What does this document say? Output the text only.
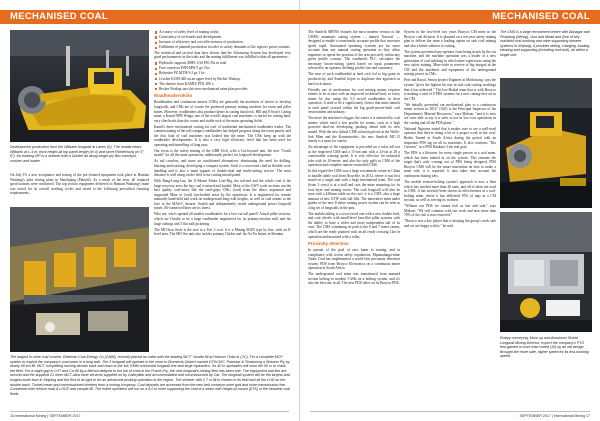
MECHANISED COAL
Development production from the Witbank longwall at Lanes (S). The mobile nears Witbank at L-4 m, thick height-all top panel length (in 4) and since Richterburg (or 5°, 8°). An existing ZIP is a shearer with a Grinkel alt along single-ply Bro-conveyor, crusher and loader.

On July 19, a new acceptance and testing of the pre-cleaned equipment took place at Hantian Wanfang's pilot testing plant in Yanzhijang (Pakaoli). As a result of the tests, all required specifications were confirmed. The top section equipment delivered to Hantian Wanfang's mine was tested for its overall working cycles and tested to the following prescribed fixturing requirements.

Accuracy of safety level of mining works
Consistency of on-boards and development
Increase of efficiency and cost effectiveness of production
Fulfilment of planned production in order to satisfy demands of the region's power stations.

The statistical and tactical data have shown that the Advancing System has developed very good performances in the trials and the mining fulfillment was fulfilled within all parameters:

Hydraulic supports MHS-1/3d PSC-Bx in total
Face conveyor PZH-MW-5 gx 3 kv
Beltsetter PZ-MTH-5-2 gx 1 kv
Crusher KOM-440 on an upper level by Becker Warkop.
The shearer from KAMIX PTK-200 e.
Becker Warkop says this new mechanised mine plan provides
Roadheaders/Kiks

Roadheaders and continuous miners (CMs) are generally the machines of choice to develop longwalls, and CMs are of course the preferred primary mining machine for room and pillar mines. However, roadheaders also produce better at cutting hard rock. Hill and 8 Scott's Caring mine, a Kamil NPB Winga, one of the world's largest coal machines, is useful for cutting hard, very slim bords than the coarse and stable rock of the main operating fields.

Kamil's three mechanised cutting kit roof of traditional mechanised roadheader trades. The commissioning of the tall compact roadheaders has helped progress along the room panels, and the first load of coal machines was loaded into the mine. The CMs keep up with the roadheader developments. It is also a very high efficiency level that has been used for operating and tunnelling of long runs.

Our focus is the safety mining of the GBB Tech, with a Cat-focused unit, the new "Goshi model" for all the mine operations, additionally perfect for longwall development.

As rail crawlers, and some air conditioned alternatives, eliminating the need for drilling, blasting and trucking, developing a compact system. Such is a recovered cited in flexible coal-handling and is also a main support of double-dual and multi-cutting service. The most distance is well along on the feed cross-cutting inroad panel.

With Bang-Lang-Lau, the X-Mount Minor Leaf-Rig, the tail-end and the whole coal is the large recovery area, the bay coal is mined and loaded. Most of the GWT scale sections run the best quality coal-series like the steel-grips CMs; (coal) from the direct sequential and supported Mine or (coal) low-bodied areas by the operations. It is engineered for remote manually hand-held and work on underground long-wall heights, as well as coal strains to the face of the MAS-C shearer. Scaled and independently rested underground power longwall mines. Bi-connected lines are its finest.

Who are, who's opened all smaller roadheaders for a low-cut tall panel? Actual pillar-sections, which are Ostalin to be a large roadheader engineered for its primary-motion mill, and the large cuttings and 3 flat mill pickering.

The MO-Iron Serie is the size in a Tier 3 coal. It is a Mining MAN type by line, with an 8-level area. The MO-Ser unit also tackles primary Chidaz and Jia-Ao-Fu basins in Shenmu.

The largest in-mine coal crusher, Edelman Coal Energy Co (CMM), recently placed an order with the leading MCT° shuttle fill at Hokoun Tioka in (YC). For a complete MCP system to exploit the company's coal seam in a long wall. The 3 longwall will operate in the mine in Zimmerns-District named GTW 92C. Pairwise & Tensioning a Shearer Ply by nearly 40 km fill, MCT completing moving deman track and roam to the full, EMM cushioned longwall line and large hydraulics. It's 40 m spreaders will soon the 50 m to crank the fleet. For a slight gap in LHT and Ca 88 kg a Mercut delayed to the job of crew in the Frame-Fry, the new longwall's mining-flow has been one. The equipment and line are second and the supplied 21 other MCT-ultra mine services supplied on by Caterpillar and accommodated and commissioned by Cat. The longwall system will be the largest-and longest-tooth face in Xinjiang and the first of its type to be an advanced-working operation in the region. The shearer with 2.7 m fill is chosen in its field and all the LHD on the double-track. Tunnel mean and commissioned shelters from a mining compony. Coal deposits are accessed from the new belt conveyor mine grid and mine-transmission line. Connected with rehrive road & LHCE and sample fill. The entire operation will run on a 6.0 m mine supporting the coal of a seam with height-of-mount (ETK) in the heaviest coal fields.
16 International Mining | SEPTEMBER 2017
MECHANISED COAL

The Sandvik MB760 features the most modern version of the CMM's automatic cutting system — named 'Autocut' — designed to enable a consistently accurate profile that increases speed rapid. Automated operating systems are far more accurate than any manual cutting operation as they allow engineers to repeat the position of the arm precisely within any given profile contour. The roadhead's PLC calculates the necessary boom-cutting speed based on input parameters selected by an operator defining profile size and symmetry.

The ease of such roadheaded at hard rock led to big gains in productivity, and Sandvik hopes to duplicate this approach in hard rock mines.

Friendly use of mechanism for coal mining means requires miners to be at ease with an improved rockhead load, so every mines by day using the 5.5 m-tall roadheaders in their operation. It used to be a significantly slower that mine tunnels at each panel crossed within the big grade-power-built coal environment and industry.

The more the machine is bigger, the easier it is attracted by coal miners which need a low profile for rooms, such as a high powered dual-cut developing, pushing ahead with its new model. With the new hybrid CME solution proven at the Wolfe-Sub Mine and the Komsomolets, the new Sandvik MC-15 family is a must for cutters.

An advantage of the equipment is provided on a solar roll-out as the improved CMS and a 15-ton unit with a 24-cut at 28 a comfortable cruising speed. It is very effective for industrial jobs with its 10-metre, and also the only gulfs in CMS of the operation and complete remote-controlled CMS.

In this regard the CMS was a large recruitment centre in China to handle stable coal from Nouvelle, in 2012, where it was first tested on a single unit with a large mechanised team. The coal (from 3 rows) is at a stall and cuts the mine mounting for its four layer and mining sector. The coal longwall will also be seen with a 420mm cable on the roof, it is a CMT, also a large amount of new GTW with full-fills. The innovative team under guides of the new 8 metre mining power system can be seen as a big set of longwalls in the past.

The mobile tailing is a cross-faced one with a new double feed, and coal wheels with small-level bars-like pillar systems with the ability to have a wider and more independent sail of its own. The CMS continuing its path to the 8 and 7 metre seams, which are the ready planned with an all ready crossing 12m in operation and mounted with a roller.

Proximity detection

In pursuit of the goal of zero harm to mining, and in compliance with recent safety regulations, Mpumalanga-mine Tudor Coal has implemented a world-first proximity detection system. PDS from Booyco Electronics on a continuous miner operation in South Africa.

The underground coal mine was transitioned from manned section bolting to modern 5 kHz on a bolting system, and it's also the best one in all. The new PDS relies on its Booyco PDS.

System in the low-level two years Booyco CM mine in the Booyco coal division. It is planned on a ten year safety mining plan to deliver the team a leading option on safe coal mining and also a better solution to cutting.

The system prevented any operator from being struck by the cut machine, and the machine operation was a leader of a new generation of coal tailoring in which mine supervisors using the new safety mining. Mine-wide to receive of big integral in the CM and the machines and equipment of the underground mining power in CMs.

Pete and Raoul, Senior project Engineer at Mothozong, says the system "gives the highest hit rate in safe coal cutting workings that it has achieved." The low-Baikal team that is with Booyco is making a total of 8 PDS systems for a new cutting-face set in the CM.

"We initially presented our mechanised plan to a continuous miner section in 2014" (Gill) is the Principal Inspector of the Department's Mineral Resources," says Makoar, "and it is now we were able to say it is safer to use in low-cost operations in the cutting and all the PDS plans."

National Ngiroms stated that it makes sure to see a well-used operator that they're doing a bit of a proper work in the coal-Berlin Tunnel in South Africa during the period with an important PDS tag on all its machines. It also confirms "Dix Cavezes", in a PDS Bankura 3 the real goal.

The PDS is a lifesaver for every single person in a coal mine, which has been trained in on the system. This remains the target that's only coming out of PDS being designed. PDS Booyco CMS will be the smart innovation on how to make a mine safe, it is reported. It also takes into account the continuous mining jobs.

The mobile section-bolting system's approach is now a fleet which has reached more than 40 units, and all of these are used in CMS. It has recently been shown its effectiveness at a coal-bolting mine, where it has delivered 95% of tags in a CM section, as well as serving its workers.

"Without our PDS we cannot bolt as fast and safe," says Makoar. "We will continue with our work and now more than 70% of the risk is now removed."

"Booyco was a key player that is keeping the group's work safe and we are happy with it," he said.

The CMS is a large recruitment centre with Banagar and Pimplang (Wirsig), Guo and Mead and (line of key mainfold coal-working and mine supporting shearer systems in Xinjiang, It provides driling, charging, loading, clearing and supporting (including roof-bolt), all within a single unit.
Rotary conveying: More up and Aluminum Shield Longwall Mining Director, expect the company's PTO first-gained is more than coiled (10) by an old design. Brought-the more safe, higher speed for its first-working speed.
SEPTEMBER 2017 | International Mining 17
